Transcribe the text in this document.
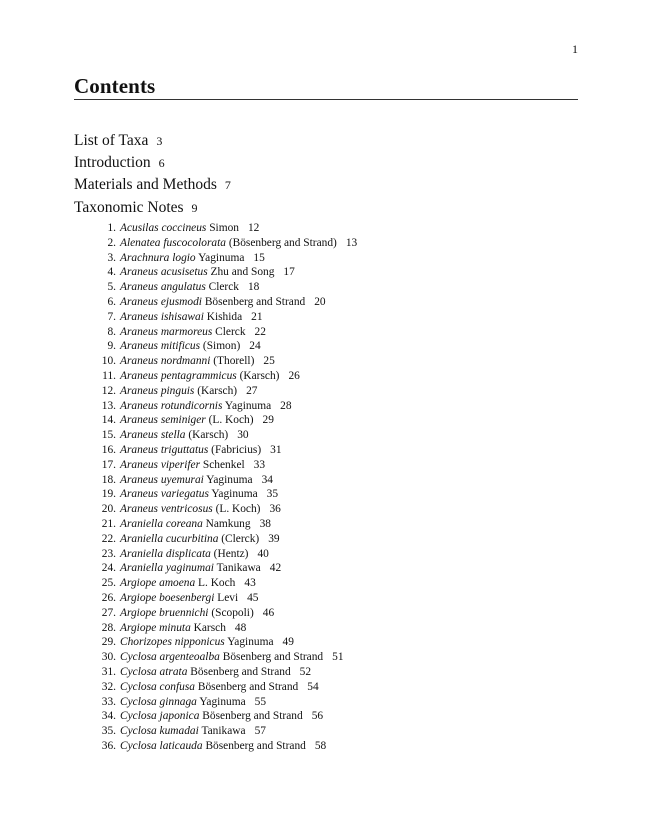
1
Contents
List of Taxa 3
Introduction 6
Materials and Methods 7
Taxonomic Notes 9
1. Acusilas coccineus Simon 12
2. Alenatea fuscocolorata (Bösenberg and Strand) 13
3. Arachnura logio Yaginuma 15
4. Araneus acusisetus Zhu and Song 17
5. Araneus angulatus Clerck 18
6. Araneus ejusmodi Bösenberg and Strand 20
7. Araneus ishisawai Kishida 21
8. Araneus marmoreus Clerck 22
9. Araneus mitificus (Simon) 24
10. Araneus nordmanni (Thorell) 25
11. Araneus pentagrammicus (Karsch) 26
12. Araneus pinguis (Karsch) 27
13. Araneus rotundicornis Yaginuma 28
14. Araneus seminiger (L. Koch) 29
15. Araneus stella (Karsch) 30
16. Araneus triguttatus (Fabricius) 31
17. Araneus viperifer Schenkel 33
18. Araneus uyemurai Yaginuma 34
19. Araneus variegatus Yaginuma 35
20. Araneus ventricosus (L. Koch) 36
21. Araniella coreana Namkung 38
22. Araniella cucurbitina (Clerck) 39
23. Araniella displicata (Hentz) 40
24. Araniella yaginumai Tanikawa 42
25. Argiope amoena L. Koch 43
26. Argiope boesenbergi Levi 45
27. Argiope bruennichi (Scopoli) 46
28. Argiope minuta Karsch 48
29. Chorizopes nipponicus Yaginuma 49
30. Cyclosa argenteoalba Bösenberg and Strand 51
31. Cyclosa atrata Bösenberg and Strand 52
32. Cyclosa confusa Bösenberg and Strand 54
33. Cyclosa ginnaga Yaginuma 55
34. Cyclosa japonica Bösenberg and Strand 56
35. Cyclosa kumadai Tanikawa 57
36. Cyclosa laticauda Bösenberg and Strand 58
